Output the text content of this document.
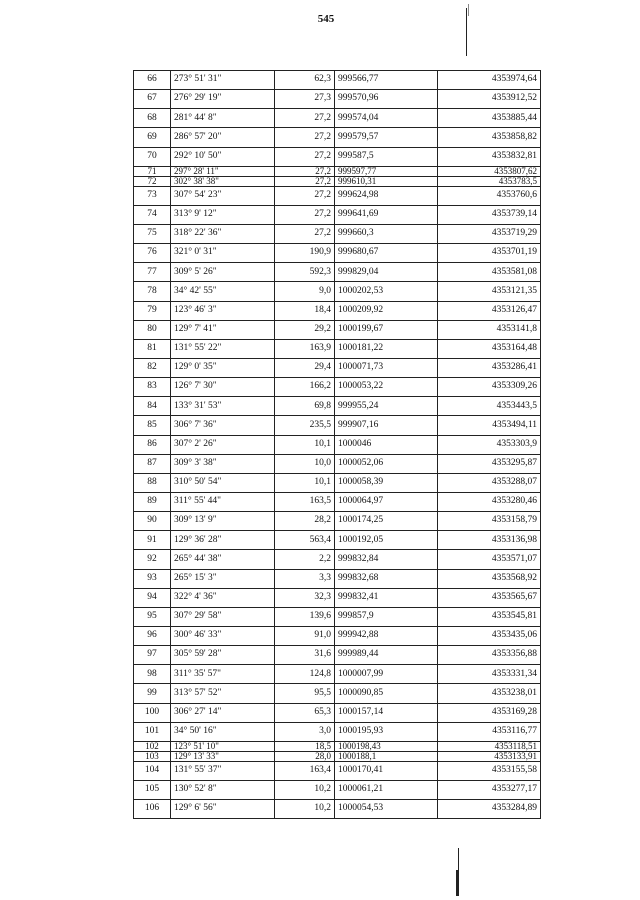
545
66	273° 51' 31"	62,3	999566,77	4353974,64
67	276° 29' 19"	27,3	999570,96	4353912,52
68	281° 44' 8"	27,2	999574,04	4353885,44
69	286° 57' 20"	27,2	999579,57	4353858,82
70	292° 10' 50"	27,2	999587,5	4353832,81
71	297° 28' 11"	27,2	999597,77	4353807,62
72	302° 38' 38"	27,2	999610,31	4353783,5
73	307° 54' 23"	27,2	999624,98	4353760,6
74	313° 9' 12"	27,2	999641,69	4353739,14
75	318° 22' 36"	27,2	999660,3	4353719,29
76	321° 0' 31"	190,9	999680,67	4353701,19
77	309° 5' 26"	592,3	999829,04	4353581,08
78	34° 42' 55"	9,0	1000202,53	4353121,35
79	123° 46' 3"	18,4	1000209,92	4353126,47
80	129° 7' 41"	29,2	1000199,67	4353141,8
81	131° 55' 22"	163,9	1000181,22	4353164,48
82	129° 0' 35"	29,4	1000071,73	4353286,41
83	126° 7' 30"	166,2	1000053,22	4353309,26
84	133° 31' 53"	69,8	999955,24	4353443,5
85	306° 7' 36"	235,5	999907,16	4353494,11
86	307° 2' 26"	10,1	1000046	4353303,9
87	309° 3' 38"	10,0	1000052,06	4353295,87
88	310° 50' 54"	10,1	1000058,39	4353288,07
89	311° 55' 44"	163,5	1000064,97	4353280,46
90	309° 13' 9"	28,2	1000174,25	4353158,79
91	129° 36' 28"	563,4	1000192,05	4353136,98
92	265° 44' 38"	2,2	999832,84	4353571,07
93	265° 15' 3"	3,3	999832,68	4353568,92
94	322° 4' 36"	32,3	999832,41	4353565,67
95	307° 29' 58"	139,6	999857,9	4353545,81
96	300° 46' 33"	91,0	999942,88	4353435,06
97	305° 59' 28"	31,6	999989,44	4353356,88
98	311° 35' 57"	124,8	1000007,99	4353331,34
99	313° 57' 52"	95,5	1000090,85	4353238,01
100	306° 27' 14"	65,3	1000157,14	4353169,28
101	34° 50' 16"	3,0	1000195,93	4353116,77
102	123° 51' 10"	18,5	1000198,43	4353118,51
103	129° 13' 33"	28,0	1000188,1	4353133,91
104	131° 55' 37"	163,4	1000170,41	4353155,58
105	130° 52' 8"	10,2	1000061,21	4353277,17
106	129° 6' 56"	10,2	1000054,53	4353284,89
